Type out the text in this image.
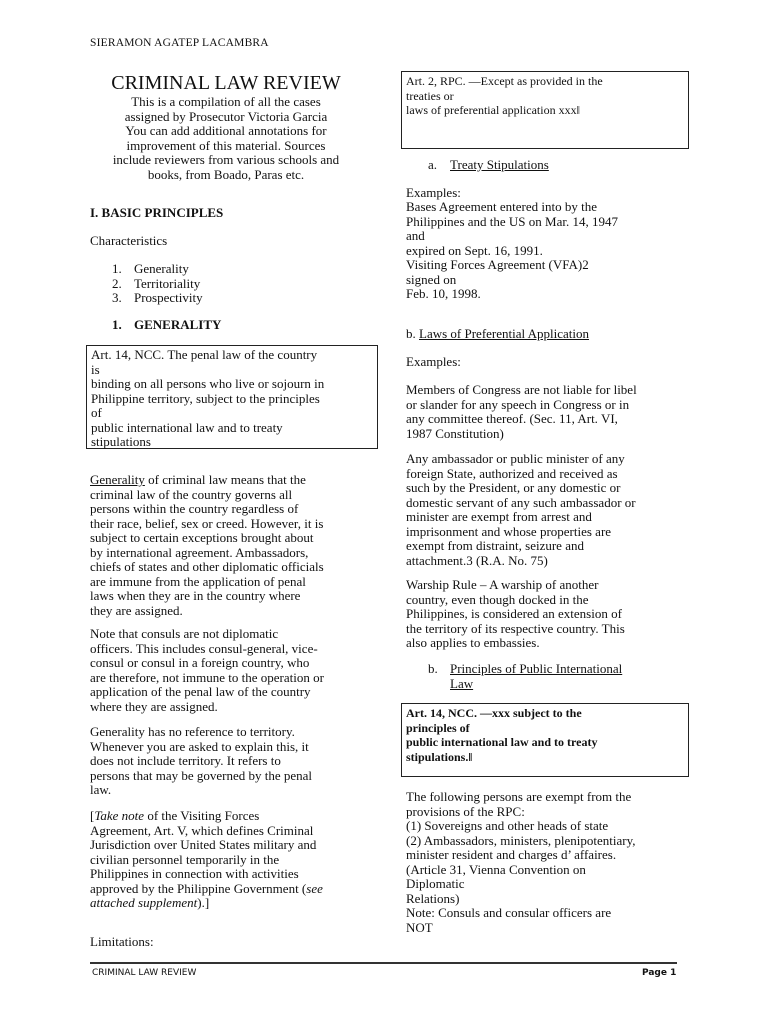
SIERAMON AGATEP LACAMBRA
CRIMINAL LAW REVIEW

This is a compilation of all the cases

assigned by Prosecutor Victoria Garcia

You can add additional annotations for

improvement of this material. Sources

include reviewers from various schools and

books, from Boado, Paras etc.

I. BASIC PRINCIPLES
Characteristics
1. Generality
2. Territoriality
3. Prospectivity
1. GENERALITY
Art. 14, NCC. The penal law of the country
is
binding on all persons who live or sojourn in
Philippine territory, subject to the principles
of
public international law and to treaty
stipulations
Generality of criminal law means that the
criminal law of the country governs all
persons within the country regardless of
their race, belief, sex or creed. However, it is
subject to certain exceptions brought about
by international agreement. Ambassadors,
chiefs of states and other diplomatic officials
are immune from the application of penal
laws when they are in the country where
they are assigned.
Note that consuls are not diplomatic
officers. This includes consul-general, vice-
consul or consul in a foreign country, who
are therefore, not immune to the operation or
application of the penal law of the country
where they are assigned.
Generality has no reference to territory.
Whenever you are asked to explain this, it
does not include territory. It refers to
persons that may be governed by the penal
law.
[Take note of the Visiting Forces
Agreement, Art. V, which defines Criminal
Jurisdiction over United States military and
civilian personnel temporarily in the
Philippines in connection with activities
approved by the Philippine Government (see
attached supplement).]
Limitations:
Art. 2, RPC. —Except as provided in the
treaties or
laws of preferential application xxx‖
a. Treaty Stipulations
Examples:
Bases Agreement entered into by the
Philippines and the US on Mar. 14, 1947
and
expired on Sept. 16, 1991.
Visiting Forces Agreement (VFA)2
signed on
Feb. 10, 1998.
b. Laws of Preferential Application
Examples:
Members of Congress are not liable for libel
or slander for any speech in Congress or in
any committee thereof. (Sec. 11, Art. VI,
1987 Constitution)
Any ambassador or public minister of any
foreign State, authorized and received as
such by the President, or any domestic or
domestic servant of any such ambassador or
minister are exempt from arrest and
imprisonment and whose properties are
exempt from distraint, seizure and
attachment.3 (R.A. No. 75)
Warship Rule – A warship of another
country, even though docked in the
Philippines, is considered an extension of
the territory of its respective country. This
also applies to embassies.
b. Principles of Public International
Law
Art. 14, NCC. —xxx subject to the
principles of
public international law and to treaty
stipulations.‖
The following persons are exempt from the
provisions of the RPC:
(1) Sovereigns and other heads of state
(2) Ambassadors, ministers, plenipotentiary,
minister resident and charges d’ affaires.
(Article 31, Vienna Convention on
Diplomatic
Relations)
Note: Consuls and consular officers are
NOT
CRIMINAL LAW REVIEW	Page 1
